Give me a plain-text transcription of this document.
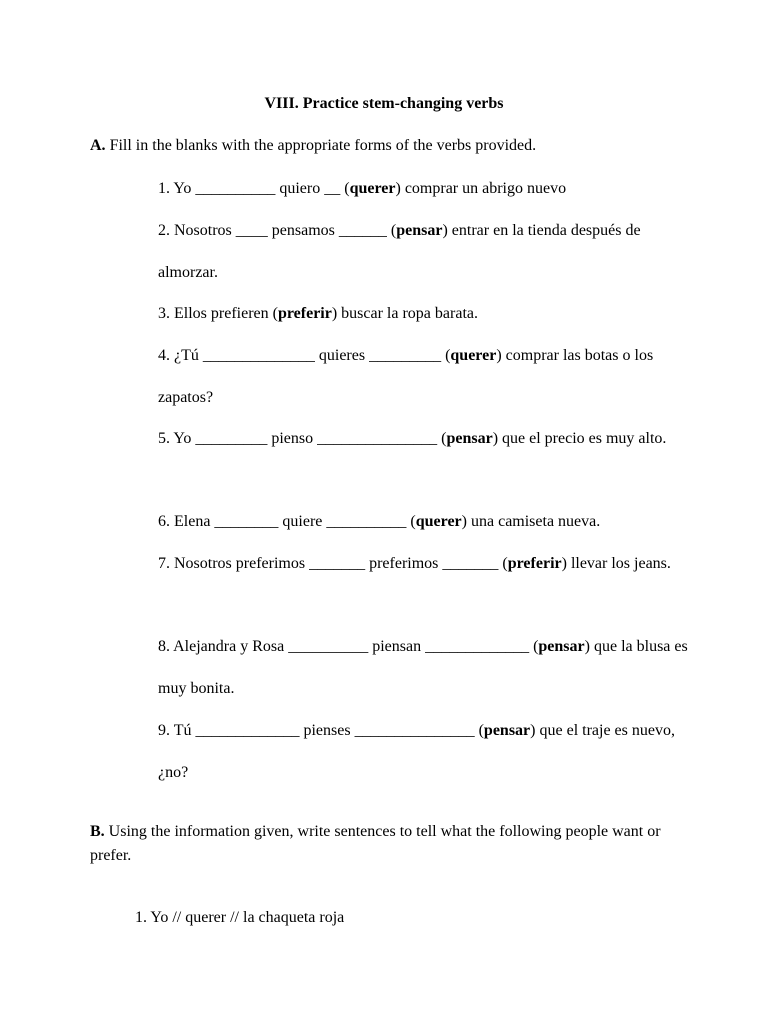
VIII. Practice stem-changing verbs

A. Fill in the blanks with the appropriate forms of the verbs provided.

1. Yo __________ quiero __ (querer) comprar un abrigo nuevo

2. Nosotros ____ pensamos ______ (pensar) entrar en la tienda después de almorzar.

3. Ellos prefieren (preferir) buscar la ropa barata.

4. ¿Tú ______________ quieres _________ (querer) comprar las botas o los zapatos?

5. Yo _________ pienso _______________ (pensar) que el precio es muy alto.

6. Elena ________ quiere __________ (querer) una camiseta nueva.

7. Nosotros preferimos _______ preferimos _______ (preferir) llevar los jeans.

8. Alejandra y Rosa __________ piensan _____________ (pensar) que la blusa es muy bonita.

9. Tú _____________ pienses _______________ (pensar) que el traje es nuevo, ¿no?

B. Using the information given, write sentences to tell what the following people want or prefer.

1. Yo // querer // la chaqueta roja
